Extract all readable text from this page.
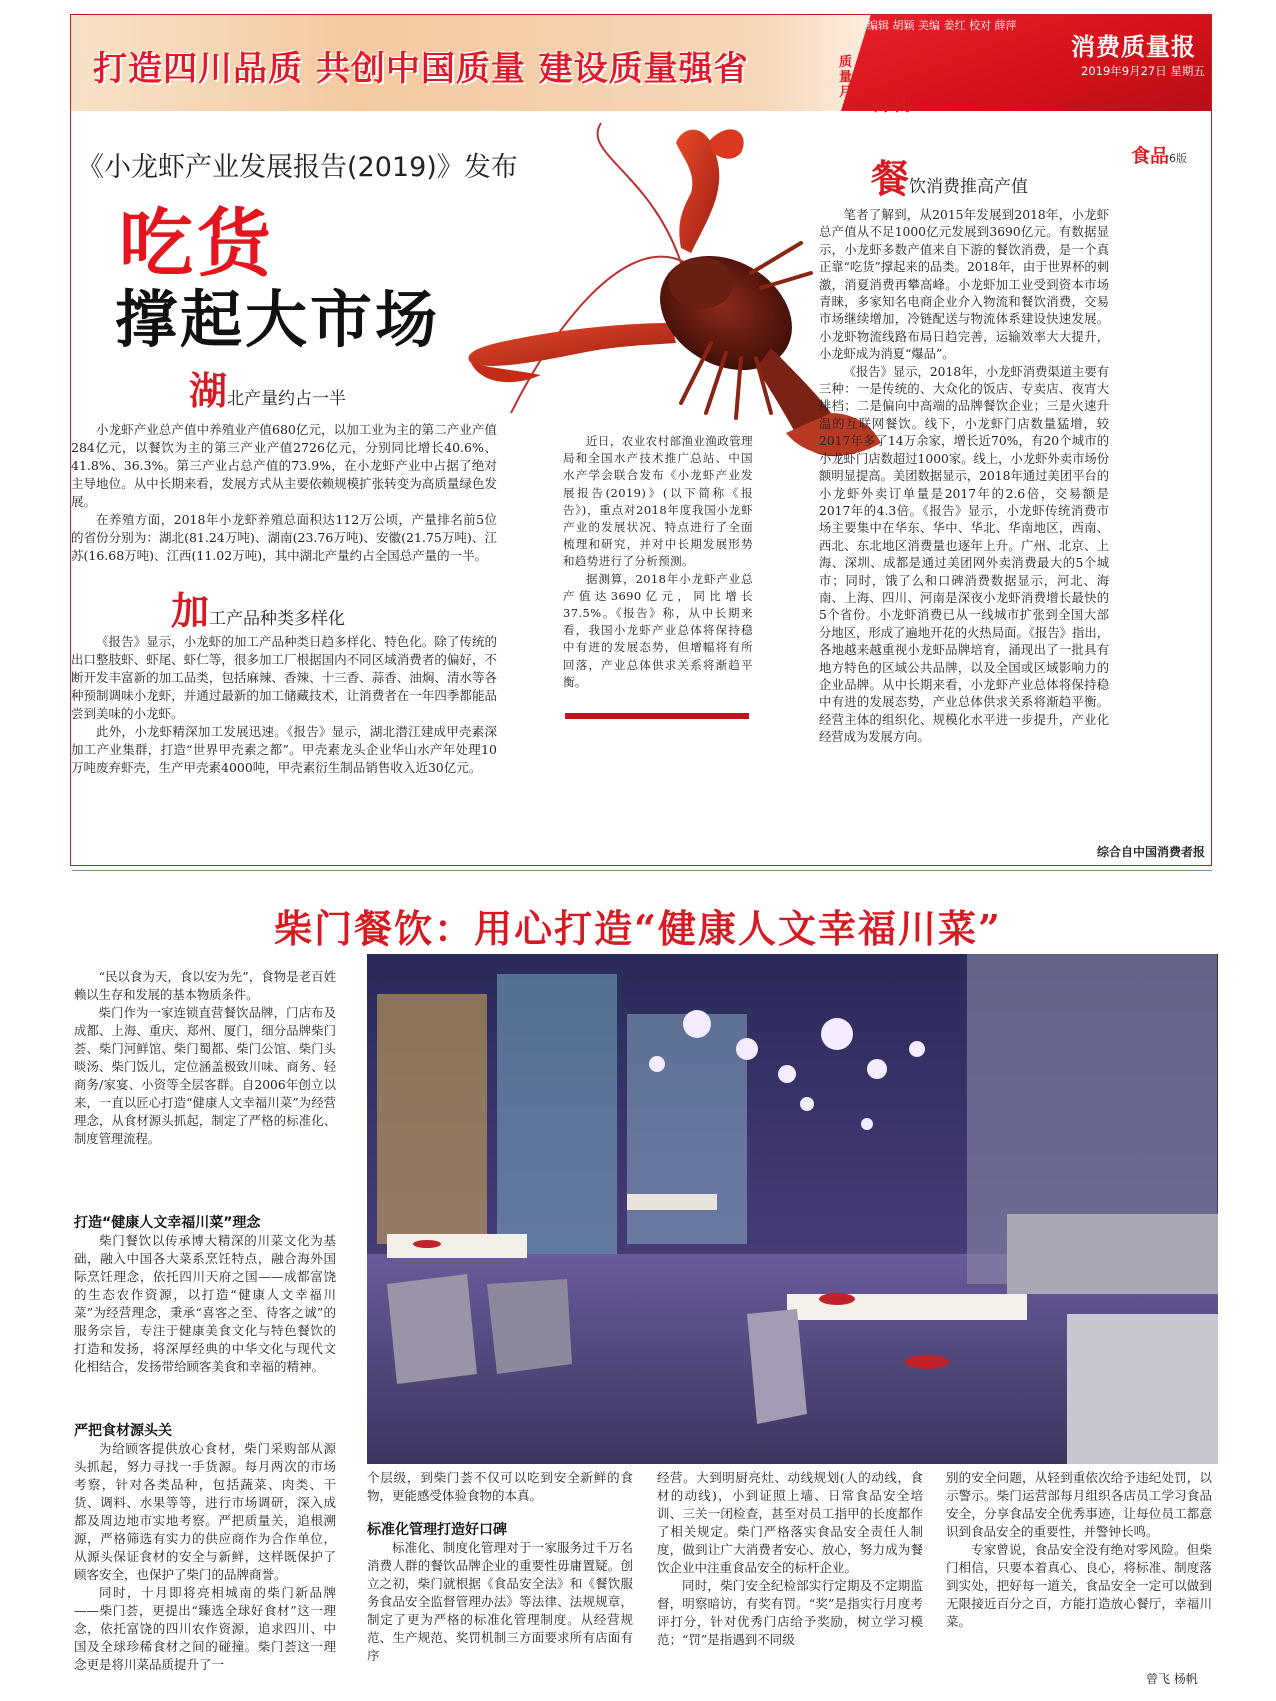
打造四川品质 共创中国质量 建设质量强省	质量月 特刊
编辑 胡颖 美编 姜红 校对 薛萍
消费质量报
2019年9月27日 星期五
食品6版
《小龙虾产业发展报告(2019)》发布
吃货
撑起大市场
湖北产量约占一半

小龙虾产业总产值中养殖业产值680亿元，以加工业为主的第二产业产值284亿元，以餐饮为主的第三产业产值2726亿元，分别同比增长40.6%、41.8%、36.3%。第三产业占总产值的73.9%，在小龙虾产业中占据了绝对主导地位。从中长期来看，发展方式从主要依赖规模扩张转变为高质量绿色发展。

在养殖方面，2018年小龙虾养殖总面积达112万公顷，产量排名前5位的省份分别为：湖北(81.24万吨)、湖南(23.76万吨)、安徽(21.75万吨)、江苏(16.68万吨)、江西(11.02万吨)，其中湖北产量约占全国总产量的一半。

加工产品种类多样化

《报告》显示，小龙虾的加工产品种类日趋多样化、特色化。除了传统的出口整肢虾、虾尾、虾仁等，很多加工厂根据国内不同区域消费者的偏好，不断开发丰富新的加工品类，包括麻辣、香辣、十三香、蒜香、油焖、清水等各种预制调味小龙虾，并通过最新的加工储藏技术，让消费者在一年四季都能品尝到美味的小龙虾。

此外，小龙虾精深加工发展迅速。《报告》显示，湖北潜江建成甲壳素深加工产业集群，打造“世界甲壳素之都”。甲壳素龙头企业华山水产年处理10万吨废弃虾壳，生产甲壳素4000吨，甲壳素衍生制品销售收入近30亿元。

近日，农业农村部渔业渔政管理局和全国水产技术推广总站、中国水产学会联合发布《小龙虾产业发展报告(2019)》(以下简称《报告》)，重点对2018年度我国小龙虾产业的发展状况、特点进行了全面梳理和研究，并对中长期发展形势和趋势进行了分析预测。

据测算，2018年小龙虾产业总产值达3690亿元，同比增长37.5%。《报告》称，从中长期来看，我国小龙虾产业总体将保持稳中有进的发展态势，但增幅将有所回落，产业总体供求关系将渐趋平衡。

餐饮消费推高产值

笔者了解到，从2015年发展到2018年，小龙虾总产值从不足1000亿元发展到3690亿元。有数据显示，小龙虾多数产值来自下游的餐饮消费，是一个真正靠“吃货”撑起来的品类。2018年，由于世界杯的刺激，消夏消费再攀高峰。小龙虾加工业受到资本市场青睐，多家知名电商企业介入物流和餐饮消费，交易市场继续增加，冷链配送与物流体系建设快速发展。小龙虾物流线路布局日趋完善，运输效率大大提升，小龙虾成为消夏“爆品”。

《报告》显示，2018年，小龙虾消费渠道主要有三种：一是传统的、大众化的饭店、专卖店、夜宵大排档；二是偏向中高端的品牌餐饮企业；三是火速升温的互联网餐饮。线下，小龙虾门店数量猛增，较2017年多了14万余家，增长近70%，有20个城市的小龙虾门店数超过1000家。线上，小龙虾外卖市场份额明显提高。美团数据显示，2018年通过美团平台的小龙虾外卖订单量是2017年的2.6倍，交易额是2017年的4.3倍。《报告》显示，小龙虾传统消费市场主要集中在华东、华中、华北、华南地区，西南、西北、东北地区消费量也逐年上升。广州、北京、上海、深圳、成都是通过美团网外卖消费最大的5个城市；同时，饿了么和口碑消费数据显示，河北、海南、上海、四川、河南是深夜小龙虾消费增长最快的5个省份。小龙虾消费已从一线城市扩张到全国大部分地区，形成了遍地开花的火热局面。《报告》指出，各地越来越重视小龙虾品牌培育，涌现出了一批具有地方特色的区域公共品牌，以及全国或区域影响力的企业品牌。从中长期来看，小龙虾产业总体将保持稳中有进的发展态势，产业总体供求关系将渐趋平衡。经营主体的组织化、规模化水平进一步提升，产业化经营成为发展方向。

综合自中国消费者报
柴门餐饮：用心打造“健康人文幸福川菜”

“民以食为天，食以安为先”，食物是老百姓赖以生存和发展的基本物质条件。

柴门作为一家连锁直营餐饮品牌，门店布及成都、上海、重庆、郑州、厦门，细分品牌柴门荟、柴门河鲜馆、柴门蜀都、柴门公馆、柴门头啖汤、柴门饭儿，定位涵盖极致川味、商务、轻商务/家宴、小资等全层客群。自2006年创立以来，一直以匠心打造“健康人文幸福川菜”为经营理念，从食材源头抓起，制定了严格的标准化、制度管理流程。

打造“健康人文幸福川菜”理念

柴门餐饮以传承博大精深的川菜文化为基础，融入中国各大菜系烹饪特点，融合海外国际烹饪理念，依托四川天府之国——成都富饶的生态农作资源，以打造“健康人文幸福川菜”为经营理念，秉承“喜客之至、待客之诚”的服务宗旨，专注于健康美食文化与特色餐饮的打造和发扬，将深厚经典的中华文化与现代文化相结合，发扬带给顾客美食和幸福的精神。

严把食材源头关

为给顾客提供放心食材，柴门采购部从源头抓起，努力寻找一手货源。每月两次的市场考察，针对各类品种，包括蔬菜、肉类、干货、调料、水果等等，进行市场调研，深入成都及周边地市实地考察。严把质量关，追根溯源，严格筛选有实力的供应商作为合作单位，从源头保证食材的安全与新鲜，这样既保护了顾客安全，也保护了柴门的品牌商誉。

同时，十月即将亮相城南的柴门新品牌——柴门荟，更提出“臻选全球好食材”这一理念，依托富饶的四川农作资源，追求四川、中国及全球珍稀食材之间的碰撞。柴门荟这一理念更是将川菜品质提升了一

个层级，到柴门荟不仅可以吃到安全新鲜的食物，更能感受体验食物的本真。

标准化管理打造好口碑

标准化、制度化管理对于一家服务过千万名消费人群的餐饮品牌企业的重要性毋庸置疑。创立之初，柴门就根据《食品安全法》和《餐饮服务食品安全监督管理办法》等法律、法规规章，制定了更为严格的标准化管理制度。从经营规范、生产规范、奖罚机制三方面要求所有店面有序

经营。大到明厨亮灶、动线规划(人的动线，食材的动线)，小到证照上墙、日常食品安全培训、三关一闭检查，甚至对员工指甲的长度都作了相关规定。柴门严格落实食品安全责任人制度，做到让广大消费者安心、放心，努力成为餐饮企业中注重食品安全的标杆企业。

同时，柴门安全纪检部实行定期及不定期监督，明察暗访，有奖有罚。“奖”是指实行月度考评打分，针对优秀门店给予奖励，树立学习模范；“罚”是指遇到不同级

别的安全问题，从轻到重依次给予违纪处罚，以示警示。柴门运营部每月组织各店员工学习食品安全，分享食品安全优秀事迹，让每位员工都意识到食品安全的重要性，并警钟长鸣。

专家曾说，食品安全没有绝对零风险。但柴门相信，只要本着真心、良心，将标准、制度落到实处，把好每一道关，食品安全一定可以做到无限接近百分之百，方能打造放心餐厅，幸福川菜。

曾飞 杨帆
